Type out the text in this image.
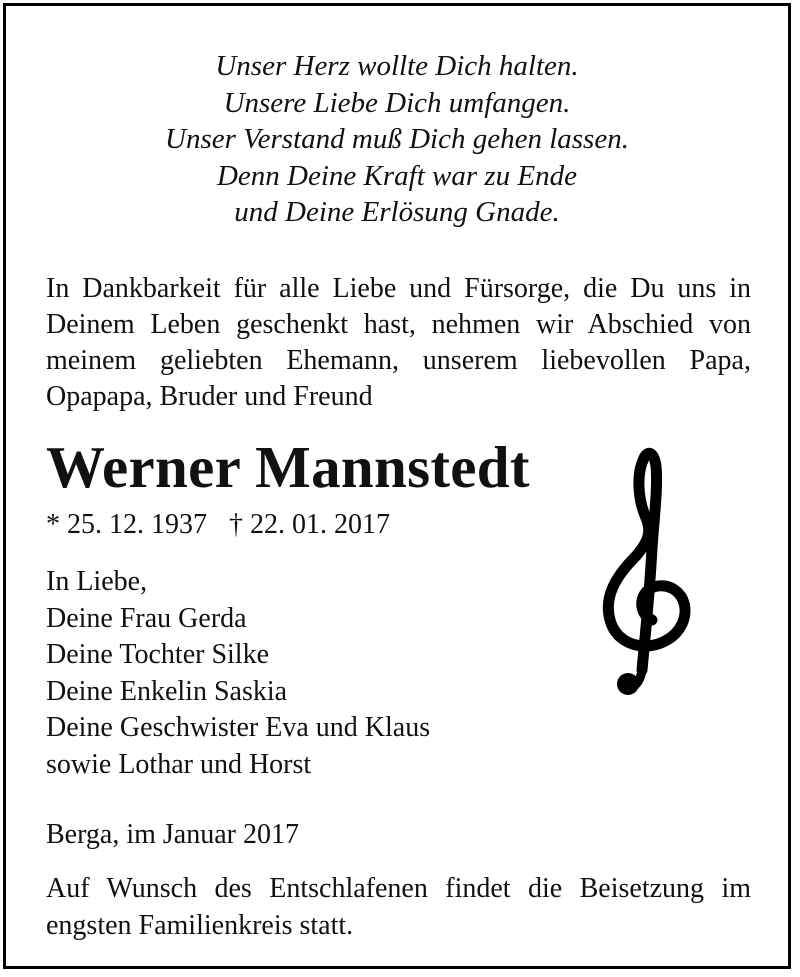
Unser Herz wollte Dich halten.
Unsere Liebe Dich umfangen.
Unser Verstand muß Dich gehen lassen.
Denn Deine Kraft war zu Ende
und Deine Erlösung Gnade.
In Dankbarkeit für alle Liebe und Fürsorge, die Du uns in
Deinem Leben geschenkt hast, nehmen wir Abschied von
meinem geliebten Ehemann, unserem liebevollen Papa,
Opapapa, Bruder und Freund
Werner Mannstedt
* 25. 12. 1937 † 22. 01. 2017
In Liebe,
Deine Frau Gerda
Deine Tochter Silke
Deine Enkelin Saskia
Deine Geschwister Eva und Klaus
sowie Lothar und Horst
Berga, im Januar 2017
Auf Wunsch des Entschlafenen findet die Beisetzung im
engsten Familienkreis statt.
